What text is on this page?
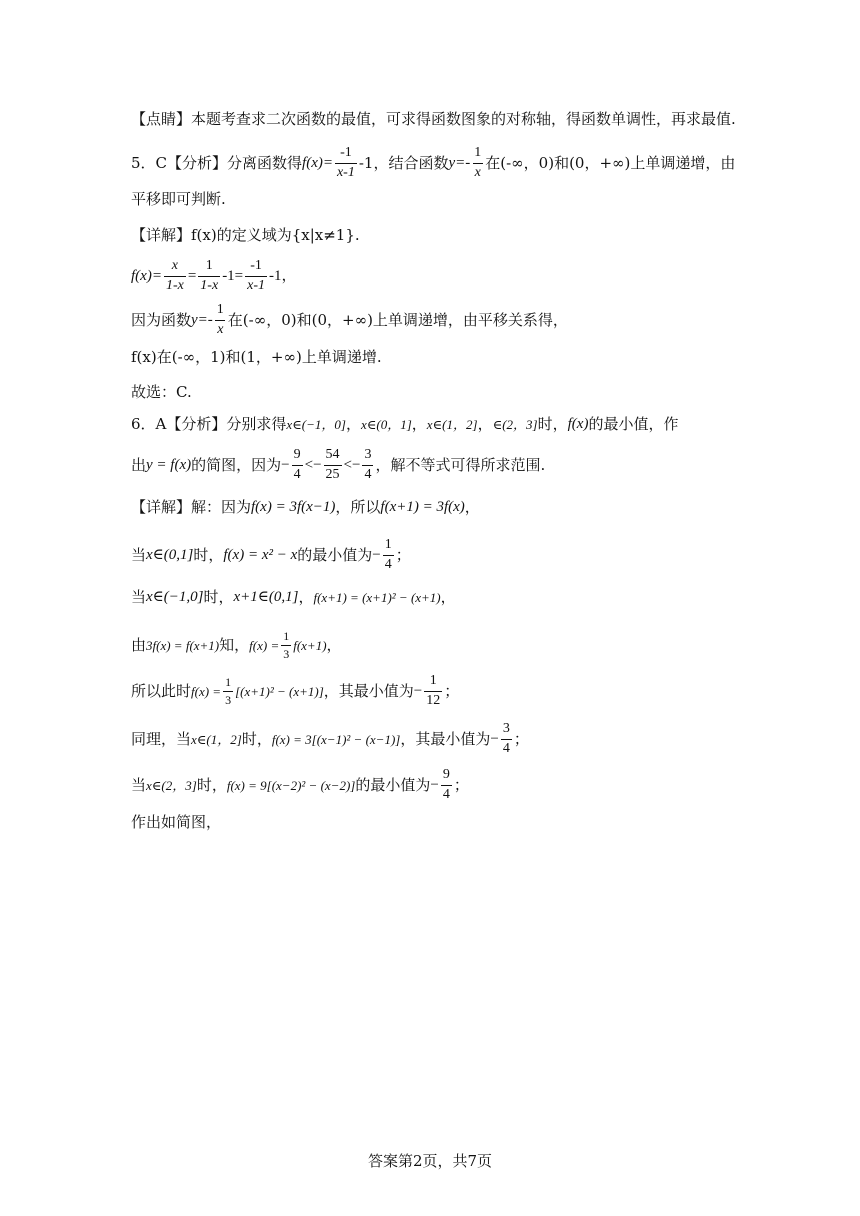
【点睛】本题考查求二次函数的最值，可求得函数图象的对称轴，得函数单调性，再求最值.
5．C【分析】分离函数得 $f(x)= \frac{-1}{x-1} -1$，结合函数 $y=- \frac{1}{x}$ 在(-∞，0)和(0，+∞)上单调递增，由
平移即可判断.
【详解】f(x)的定义域为{x|x≠1}.
$f(x)= \frac{x}{1-x} = \frac{1}{1-x} -1= \frac{-1}{x-1} -1$，
因为函数 $y=- \frac{1}{x}$ 在(-∞，0)和(0，+∞)上单调递增，由平移关系得，
f(x)在(-∞，1)和(1，+∞)上单调递增.
故选：C.
6．A【分析】分别求得 x∈(−1，0] ， x∈(0，1] ， x∈(1，2] ， ∈(2，3] 时， f(x) 的最小值，作
出 y = f(x) 的简图，因为 − $\frac{9}{4}$ < − $\frac{54}{25}$ < − $\frac{3}{4}$ ，解不等式可得所求范围.
【详解】解：因为 f(x) = 3f(x−1) ，所以 f(x+1) = 3f(x) ，
当 x∈(0,1] 时， f(x) = x² − x 的最小值为 − $\frac{1}{4}$ ；
当 x∈(−1,0] 时， x+1∈(0,1] ， f(x+1) = (x+1)² − (x+1) ，
由 3f(x) = f(x+1) 知， $f(x) = \frac{1}{3} f(x+1)$ ，
所以此时 $f(x) = \frac{1}{3} [(x+1)^2 - (x+1)]$ ，其最小值为 − $\frac{1}{12}$ ；
同理，当 x∈(1，2] 时， f(x) = 3[(x−1)² − (x−1)] ，其最小值为 − $\frac{3}{4}$ ；
当 x∈(2，3] 时， f(x) = 9[(x−2)² − (x−2)] 的最小值为 − $\frac{9}{4}$ ；
作出如简图，
答案第2页，共7页
